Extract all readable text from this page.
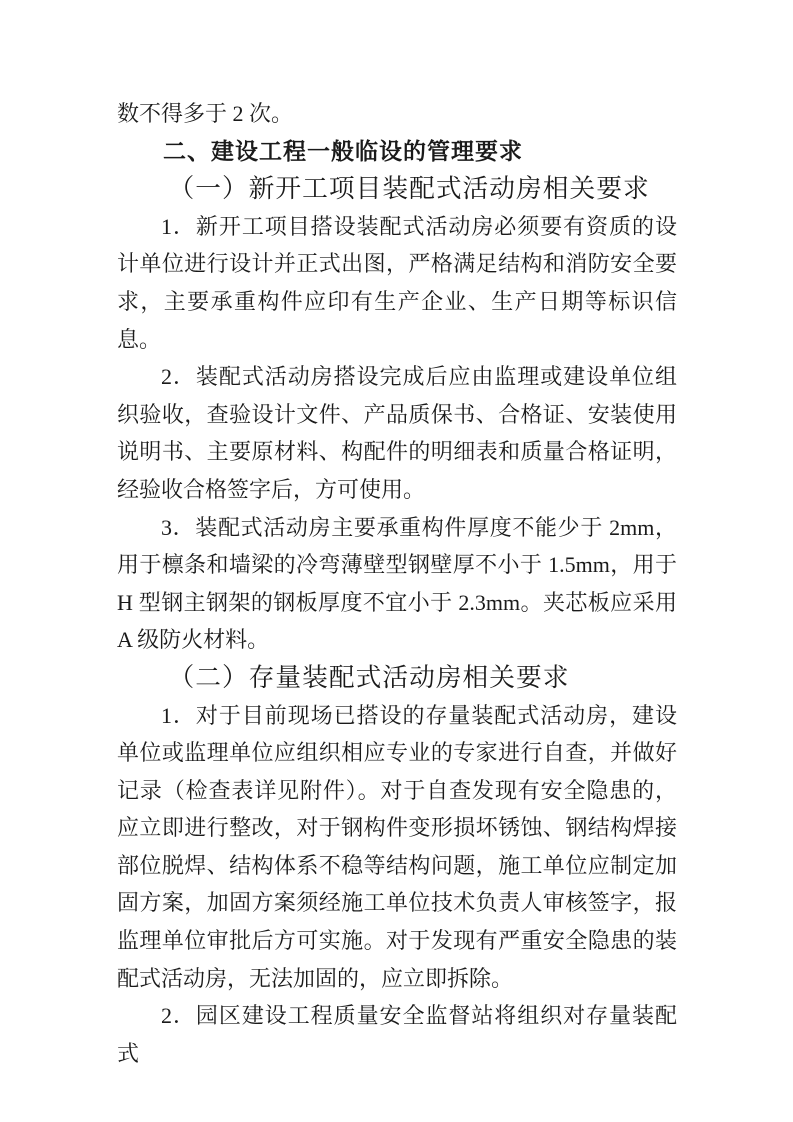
数不得多于 2 次。

二、建设工程一般临设的管理要求
（一）新开工项目装配式活动房相关要求

1．新开工项目搭设装配式活动房必须要有资质的设计单位进行设计并正式出图，严格满足结构和消防安全要求，主要承重构件应印有生产企业、生产日期等标识信息。

2．装配式活动房搭设完成后应由监理或建设单位组织验收，查验设计文件、产品质保书、合格证、安装使用说明书、主要原材料、构配件的明细表和质量合格证明，经验收合格签字后，方可使用。

3．装配式活动房主要承重构件厚度不能少于 2mm，用于檩条和墙梁的冷弯薄壁型钢壁厚不小于 1.5mm，用于 H 型钢主钢架的钢板厚度不宜小于 2.3mm。夹芯板应采用 A 级防火材料。

（二）存量装配式活动房相关要求

1．对于目前现场已搭设的存量装配式活动房，建设单位或监理单位应组织相应专业的专家进行自查，并做好记录（检查表详见附件）。对于自查发现有安全隐患的，应立即进行整改，对于钢构件变形损坏锈蚀、钢结构焊接部位脱焊、结构体系不稳等结构问题，施工单位应制定加固方案，加固方案须经施工单位技术负责人审核签字，报监理单位审批后方可实施。对于发现有严重安全隐患的装配式活动房，无法加固的，应立即拆除。

2．园区建设工程质量安全监督站将组织对存量装配式
